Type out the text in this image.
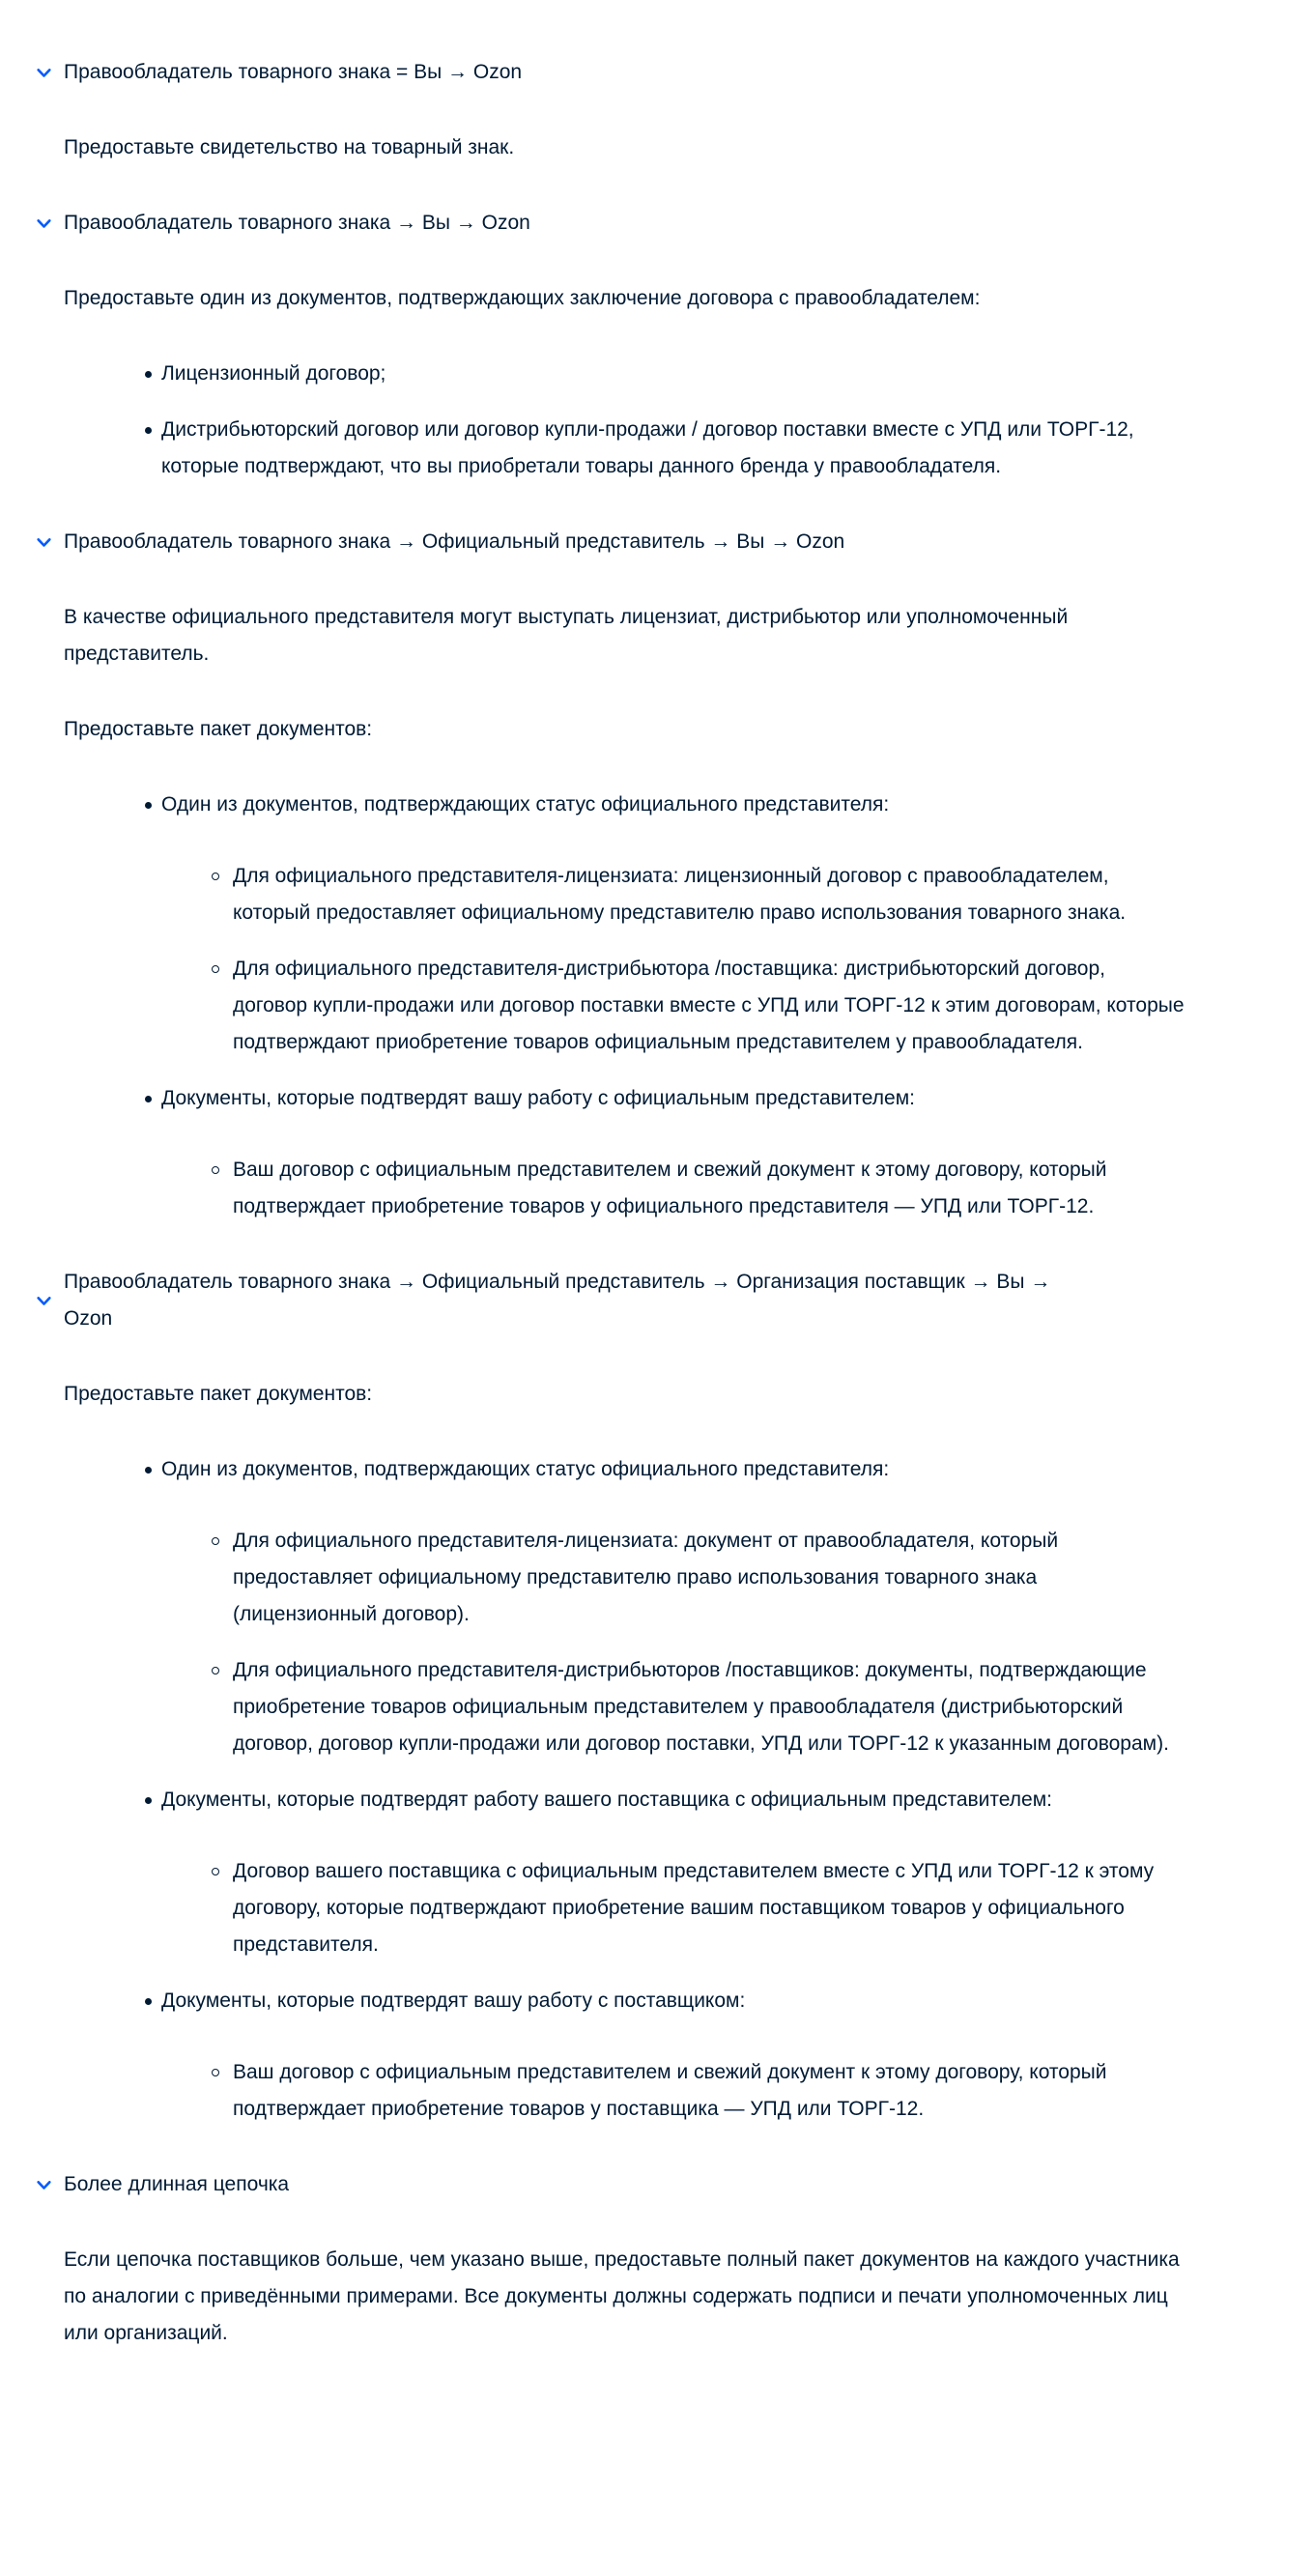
Правообладатель товарного знака = Вы → Ozon

Предоставьте свидетельство на товарный знак.

Правообладатель товарного знака → Вы → Ozon

Предоставьте один из документов, подтверждающих заключение договора с правообладателем:

Лицензионный договор;
Дистрибьюторский договор или договор купли-продажи / договор поставки вместе с УПД или ТОРГ-12, которые подтверждают, что вы приобретали товары данного бренда у правообладателя.
Правообладатель товарного знака → Официальный представитель → Вы → Ozon

В качестве официального представителя могут выступать лицензиат, дистрибьютор или уполномоченный представитель.

Предоставьте пакет документов:

Один из документов, подтверждающих статус официального представителя:
Для официального представителя-лицензиата: лицензионный договор с правообладателем, который предоставляет официальному представителю право использования товарного знака.
Для официального представителя-дистрибьютора /поставщика: дистрибьюторский договор, договор купли-продажи или договор поставки вместе с УПД или ТОРГ-12 к этим договорам, которые подтверждают приобретение товаров официальным представителем у правообладателя.
Документы, которые подтвердят вашу работу с официальным представителем:
Ваш договор с официальным представителем и свежий документ к этому договору, который подтверждает приобретение товаров у официального представителя — УПД или ТОРГ-12.
Правообладатель товарного знака → Официальный представитель → Организация поставщик → Вы → Ozon

Предоставьте пакет документов:

Один из документов, подтверждающих статус официального представителя:
Для официального представителя-лицензиата: документ от правообладателя, который предоставляет официальному представителю право использования товарного знака (лицензионный договор).
Для официального представителя-дистрибьюторов /поставщиков: документы, подтверждающие приобретение товаров официальным представителем у правообладателя (дистрибьюторский договор, договор купли-продажи или договор поставки, УПД или ТОРГ-12 к указанным договорам).
Документы, которые подтвердят работу вашего поставщика с официальным представителем:
Договор вашего поставщика с официальным представителем вместе с УПД или ТОРГ-12 к этому договору, которые подтверждают приобретение вашим поставщиком товаров у официального представителя.
Документы, которые подтвердят вашу работу с поставщиком:
Ваш договор с официальным представителем и свежий документ к этому договору, который подтверждает приобретение товаров у поставщика — УПД или ТОРГ-12.
Более длинная цепочка

Если цепочка поставщиков больше, чем указано выше, предоставьте полный пакет документов на каждого участника по аналогии с приведёнными примерами. Все документы должны содержать подписи и печати уполномоченных лиц или организаций.
